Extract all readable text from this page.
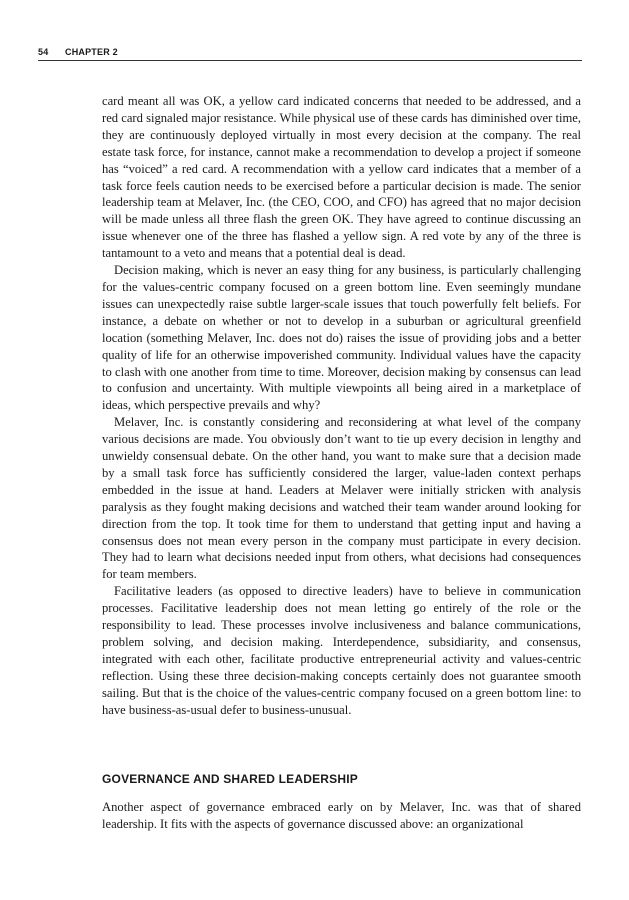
54 CHAPTER 2

card meant all was OK, a yellow card indicated concerns that needed to be addressed, and a red card signaled major resistance. While physical use of these cards has diminished over time, they are continuously deployed virtually in most every decision at the company. The real estate task force, for instance, cannot make a recommendation to develop a project if someone has “voiced” a red card. A recommendation with a yellow card indicates that a member of a task force feels caution needs to be exercised before a particular decision is made. The senior leadership team at Melaver, Inc. (the CEO, COO, and CFO) has agreed that no major decision will be made unless all three flash the green OK. They have agreed to continue discussing an issue whenever one of the three has flashed a yellow sign. A red vote by any of the three is tantamount to a veto and means that a potential deal is dead.

Decision making, which is never an easy thing for any business, is particularly challenging for the values-centric company focused on a green bottom line. Even seemingly mundane issues can unexpectedly raise subtle larger-scale issues that touch powerfully felt beliefs. For instance, a debate on whether or not to develop in a suburban or agricultural greenfield location (something Melaver, Inc. does not do) raises the issue of providing jobs and a better quality of life for an otherwise impoverished community. Individual values have the capacity to clash with one another from time to time. Moreover, decision making by consensus can lead to confusion and uncertainty. With multiple viewpoints all being aired in a marketplace of ideas, which perspective prevails and why?

Melaver, Inc. is constantly considering and reconsidering at what level of the company various decisions are made. You obviously don’t want to tie up every decision in lengthy and unwieldy consensual debate. On the other hand, you want to make sure that a decision made by a small task force has sufficiently considered the larger, value-laden context perhaps embedded in the issue at hand. Leaders at Melaver were initially stricken with analysis paralysis as they fought making decisions and watched their team wander around looking for direction from the top. It took time for them to understand that getting input and having a consensus does not mean every person in the company must participate in every decision. They had to learn what decisions needed input from others, what decisions had consequences for team members.

Facilitative leaders (as opposed to directive leaders) have to believe in communication processes. Facilitative leadership does not mean letting go entirely of the role or the responsibility to lead. These processes involve inclusiveness and balance communications, problem solving, and decision making. Interdependence, subsidiarity, and consensus, integrated with each other, facilitate productive entrepreneurial activity and values-centric reflection. Using these three decision-making concepts certainly does not guarantee smooth sailing. But that is the choice of the values-centric company focused on a green bottom line: to have business-as-usual defer to business-unusual.

GOVERNANCE AND SHARED LEADERSHIP

Another aspect of governance embraced early on by Melaver, Inc. was that of shared leadership. It fits with the aspects of governance discussed above: an organizational
